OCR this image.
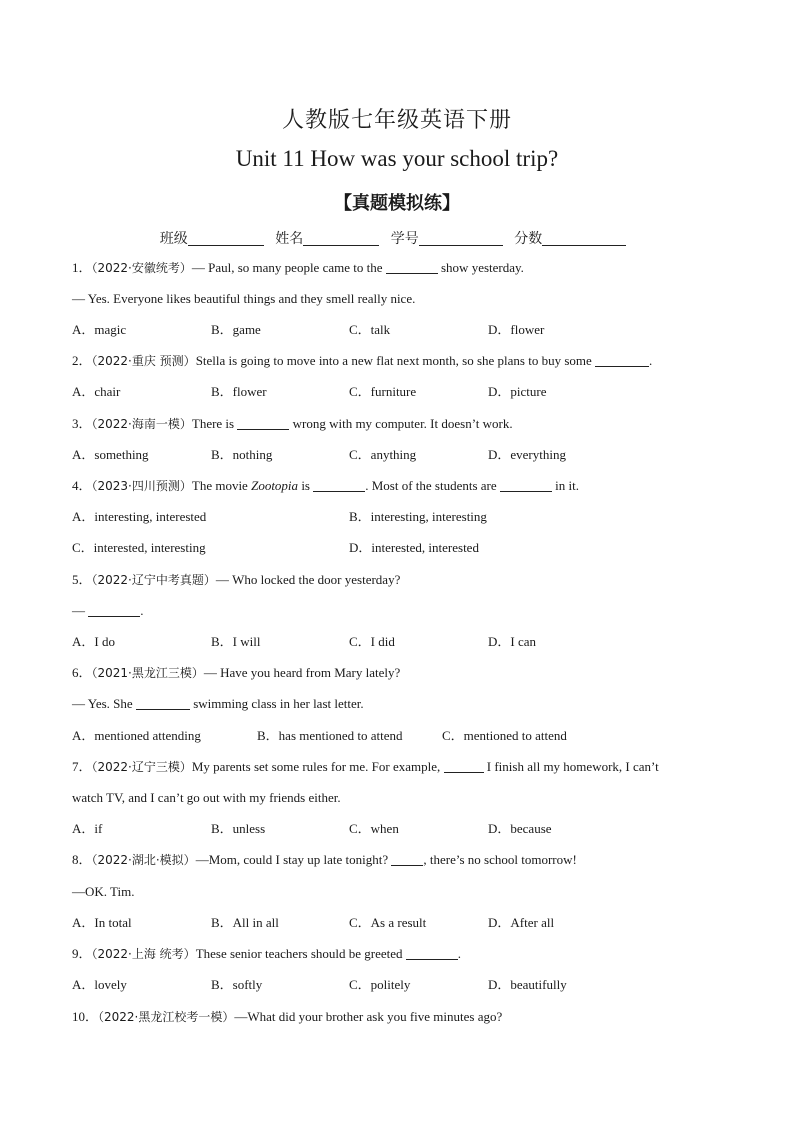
人教版七年级英语下册
Unit 11 How was your school trip?
【真题模拟练】
班级	姓名	学号	分数
1．（2022·安徽统考）— Paul, so many people came to the	show yesterday.
— Yes. Everyone likes beautiful things and they smell really nice.
A．magic	B．game	C．talk	D．flower
2．（2022·重庆 预测）Stella is going to move into a new flat next month, so she plans to buy some	.
A．chair	B．flower	C．furniture	D．picture
3．（2022·海南一模）There is	wrong with my computer. It doesn’t work.
A．something	B．nothing	C．anything	D．everything
4．（2023·四川预测）The movie Zootopia is	. Most of the students are	in it.
A．interesting, interested	B．interesting, interesting
C．interested, interesting	D．interested, interested
5．（2022·辽宁中考真题）— Who locked the door yesterday?
—	.
A．I do	B．I will	C．I did	D．I can
6．（2021·黑龙江三模）— Have you heard from Mary lately?
— Yes. She	swimming class in her last letter.
A．mentioned attending	B．has mentioned to attend	C．mentioned to attend
7．（2022·辽宁三模）My parents set some rules for me. For example,	I finish all my homework, I can’t
watch TV, and I can’t go out with my friends either.
A．if	B．unless	C．when	D．because
8．（2022·湖北·模拟）—Mom, could I stay up late tonight?	, there’s no school tomorrow!
—OK. Tim.
A．In total	B．All in all	C．As a result	D．After all
9．（2022·上海 统考）These senior teachers should be greeted	.
A．lovely	B．softly	C．politely	D．beautifully
10．（2022·黑龙江校考一模）—What did your brother ask you five minutes ago?
